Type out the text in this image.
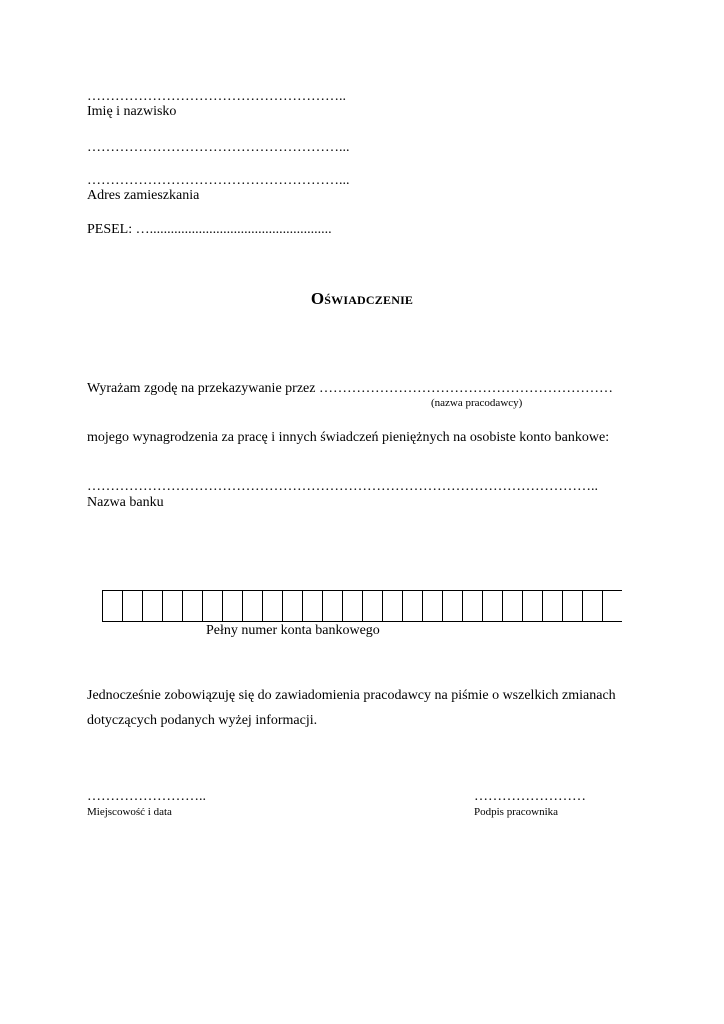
………………………………………………..
Imię i nazwisko
………………………………………………...
………………………………………………...
Adres zamieszkania
PESEL: …....................................................
Oświadczenie
Wyrażam zgodę na przekazywanie przez ………………………………………………………
(nazwa pracodawcy)
mojego wynagrodzenia za pracę i innych świadczeń pieniężnych na osobiste konto bankowe:
………………………………………………………………………………………………..
Nazwa banku
Pełny numer konta bankowego
Jednocześnie zobowiązuję się do zawiadomienia pracodawcy na piśmie o wszelkich zmianach
dotyczących podanych wyżej informacji.
……………………..
Miejscowość i data
……………………
Podpis pracownika
